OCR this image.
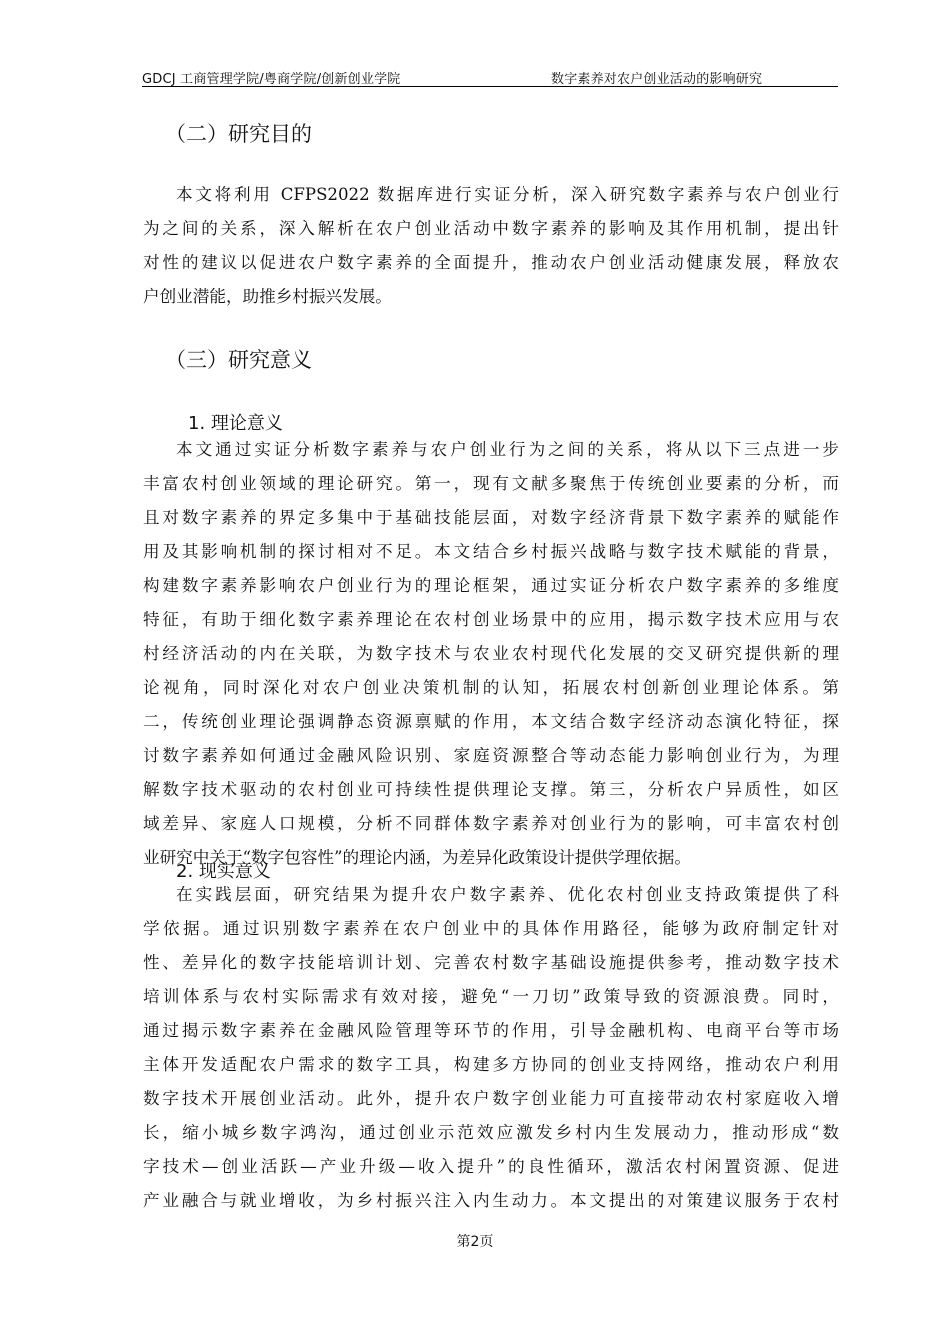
GDCJ 工商管理学院/粤商学院/创新创业学院	数字素养对农户创业活动的影响研究
（二）研究目的
本文将利用 CFPS2022 数据库进行实证分析，深入研究数字素养与农户创业行
为之间的关系，深入解析在农户创业活动中数字素养的影响及其作用机制，提出针
对性的建议以促进农户数字素养的全面提升，推动农户创业活动健康发展，释放农
户创业潜能，助推乡村振兴发展。
（三）研究意义
1. 理论意义
本文通过实证分析数字素养与农户创业行为之间的关系，将从以下三点进一步
丰富农村创业领域的理论研究。第一，现有文献多聚焦于传统创业要素的分析，而
且对数字素养的界定多集中于基础技能层面，对数字经济背景下数字素养的赋能作
用及其影响机制的探讨相对不足。本文结合乡村振兴战略与数字技术赋能的背景，
构建数字素养影响农户创业行为的理论框架，通过实证分析农户数字素养的多维度
特征，有助于细化数字素养理论在农村创业场景中的应用，揭示数字技术应用与农
村经济活动的内在关联，为数字技术与农业农村现代化发展的交叉研究提供新的理
论视角，同时深化对农户创业决策机制的认知，拓展农村创新创业理论体系。第
二，传统创业理论强调静态资源禀赋的作用，本文结合数字经济动态演化特征，探
讨数字素养如何通过金融风险识别、家庭资源整合等动态能力影响创业行为，为理
解数字技术驱动的农村创业可持续性提供理论支撑。第三，分析农户异质性，如区
域差异、家庭人口规模，分析不同群体数字素养对创业行为的影响，可丰富农村创
业研究中关于“数字包容性”的理论内涵，为差异化政策设计提供学理依据。
2. 现实意义
在实践层面，研究结果为提升农户数字素养、优化农村创业支持政策提供了科
学依据。通过识别数字素养在农户创业中的具体作用路径，能够为政府制定针对
性、差异化的数字技能培训计划、完善农村数字基础设施提供参考，推动数字技术
培训体系与农村实际需求有效对接，避免“一刀切”政策导致的资源浪费。同时，
通过揭示数字素养在金融风险管理等环节的作用，引导金融机构、电商平台等市场
主体开发适配农户需求的数字工具，构建多方协同的创业支持网络，推动农户利用
数字技术开展创业活动。此外，提升农户数字创业能力可直接带动农村家庭收入增
长，缩小城乡数字鸿沟，通过创业示范效应激发乡村内生发展动力，推动形成“数
字技术—创业活跃—产业升级—收入提升”的良性循环，激活农村闲置资源、促进
产业融合与就业增收，为乡村振兴注入内生动力。本文提出的对策建议服务于农村
第2页
